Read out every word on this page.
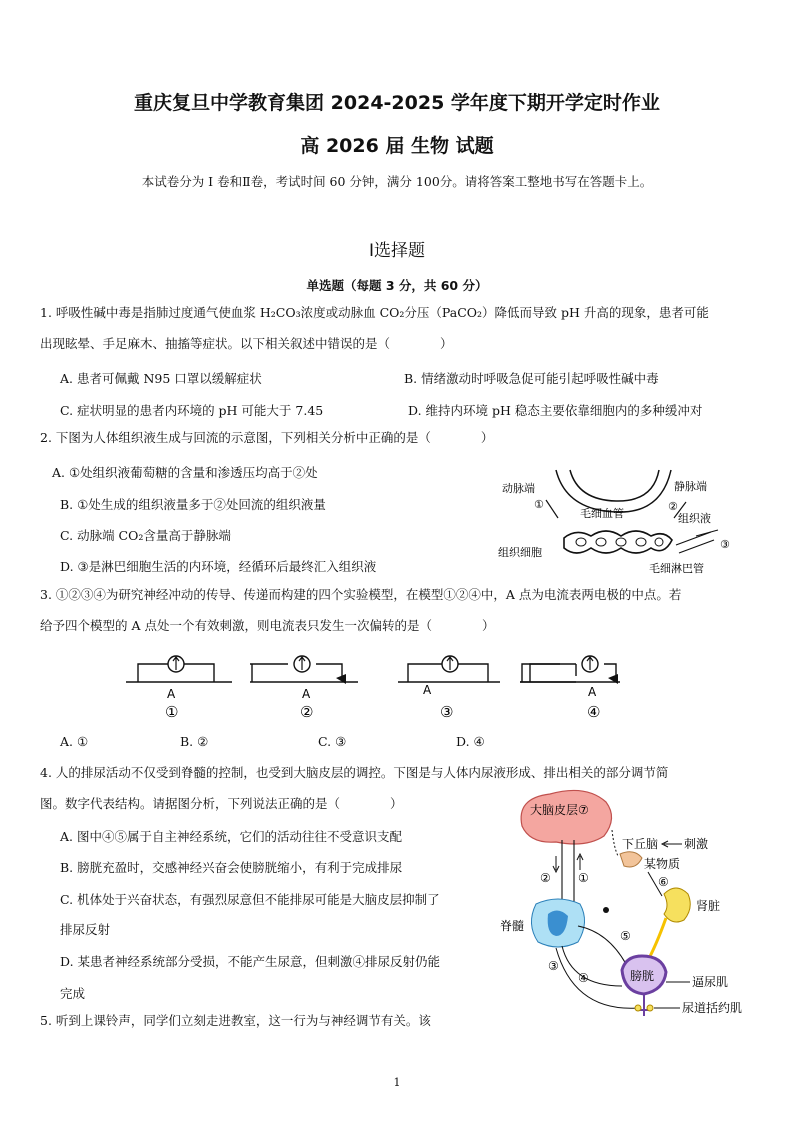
重庆复旦中学教育集团 2024-2025 学年度下期开学定时作业
高 2026 届 生物 试题
本试卷分为 I 卷和Ⅱ卷，考试时间 60 分钟，满分 100分。请将答案工整地书写在答题卡上。
Ⅰ选择题
单选题（每题 3 分，共 60 分）
1. 呼吸性碱中毒是指肺过度通气使血浆 H₂CO₃浓度或动脉血 CO₂分压（PaCO₂）降低而导致 pH 升高的现象，患者可能
出现眩晕、手足麻木、抽搐等症状。以下相关叙述中错误的是（　　　　）
A. 患者可佩戴 N95 口罩以缓解症状	B. 情绪激动时呼吸急促可能引起呼吸性碱中毒
C. 症状明显的患者内环境的 pH 可能大于 7.45	D. 维持内环境 pH 稳态主要依靠细胞内的多种缓冲对
2. 下图为人体组织液生成与回流的示意图，下列相关分析中正确的是（　　　　）
A. ①处组织液葡萄糖的含量和渗透压均高于②处
B. ①处生成的组织液量多于②处回流的组织液量
C. 动脉端 CO₂含量高于静脉端
D. ③是淋巴细胞生活的内环境，经循环后最终汇入组织液
动脉端	静脉端
毛细血管	组织液
组织细胞
毛细淋巴管
①	②
③
3. ①②③④为研究神经冲动的传导、传递而构建的四个实验模型，在模型①②④中，A 点为电流表两电极的中点。若
给予四个模型的 A 点处一个有效刺激，则电流表只发生一次偏转的是（　　　　）
A
①
A
②
A
③
A
④
A. ①	B. ②	C. ③	D. ④
4. 人的排尿活动不仅受到脊髓的控制，也受到大脑皮层的调控。下图是与人体内尿液形成、排出相关的部分调节简
图。数字代表结构。请据图分析，下列说法正确的是（　　　　）
A. 图中④⑤属于自主神经系统，它们的活动往往不受意识支配
B. 膀胱充盈时，交感神经兴奋会使膀胱缩小，有利于完成排尿
C. 机体处于兴奋状态，有强烈尿意但不能排尿可能是大脑皮层抑制了
排尿反射
D. 某患者神经系统部分受损，不能产生尿意，但刺激④排尿反射仍能
完成
大脑皮层⑦
② ①
下丘脑 刺激
某物质
⑥
肾脏
脊髓
③
④
⑤
膀胱	逼尿肌
尿道括约肌
5. 听到上课铃声，同学们立刻走进教室，这一行为与神经调节有关。该
1
